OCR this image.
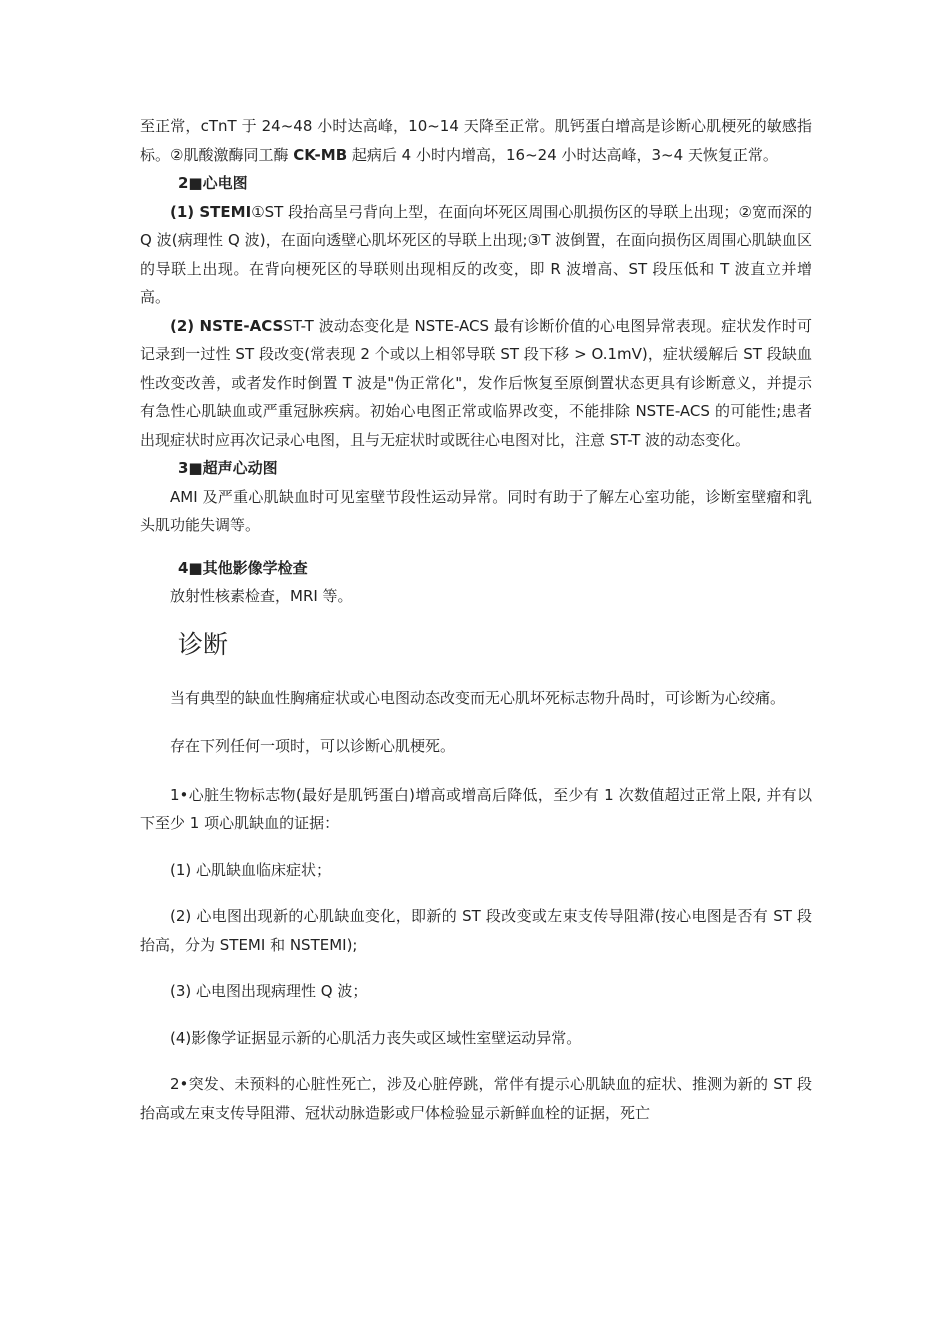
至正常，cTnT 于 24~48 小时达高峰，10~14 天降至正常。肌钙蛋白增高是诊断心肌梗死的敏感指标。②肌酸激酶同工酶 CK-MB 起病后 4 小时内增高，16~24 小时达高峰，3~4 天恢复正常。

2■心电图

(1) STEMI①ST 段抬高呈弓背向上型，在面向坏死区周围心肌损伤区的导联上出现；②宽而深的 Q 波(病理性 Q 波)，在面向透壁心肌坏死区的导联上出现;③T 波倒置，在面向损伤区周围心肌缺血区的导联上出现。在背向梗死区的导联则出现相反的改变，即 R 波增高、ST 段压低和 T 波直立并增高。

(2) NSTE-ACSST-T 波动态变化是 NSTE-ACS 最有诊断价值的心电图异常表现。症状发作时可记录到一过性 ST 段改变(常表现 2 个或以上相邻导联 ST 段下移 > O.1mV)，症状缓解后 ST 段缺血性改变改善，或者发作时倒置 T 波是"伪正常化"，发作后恢复至原倒置状态更具有诊断意义，并提示有急性心肌缺血或严重冠脉疾病。初始心电图正常或临界改变，不能排除 NSTE-ACS 的可能性;患者出现症状时应再次记录心电图，且与无症状时或既往心电图对比，注意 ST-T 波的动态变化。

3■超声心动图

AMI 及严重心肌缺血时可见室壁节段性运动异常。同时有助于了解左心室功能，诊断室壁瘤和乳头肌功能失调等。

4■其他影像学检查

放射性核素检查，MRI 等。

诊断

当有典型的缺血性胸痛症状或心电图动态改变而无心肌坏死标志物升咼时，可诊断为心绞痛。

存在下列任何一项时，可以诊断心肌梗死。

1•心脏生物标志物(最好是肌钙蛋白)增高或增高后降低，至少有 1 次数值超过正常上限, 并有以下至少 1 项心肌缺血的证据：

(1) 心肌缺血临床症状；

(2) 心电图出现新的心肌缺血变化，即新的 ST 段改变或左束支传导阻滞(按心电图是否有 ST 段抬高，分为 STEMI 和 NSTEMI);

(3) 心电图出现病理性 Q 波；

(4)影像学证据显示新的心肌活力丧失或区域性室壁运动异常。

2•突发、未预料的心脏性死亡，涉及心脏停跳，常伴有提示心肌缺血的症状、推测为新的 ST 段抬高或左束支传导阻滞、冠状动脉造影或尸体检验显示新鲜血栓的证据，死亡
